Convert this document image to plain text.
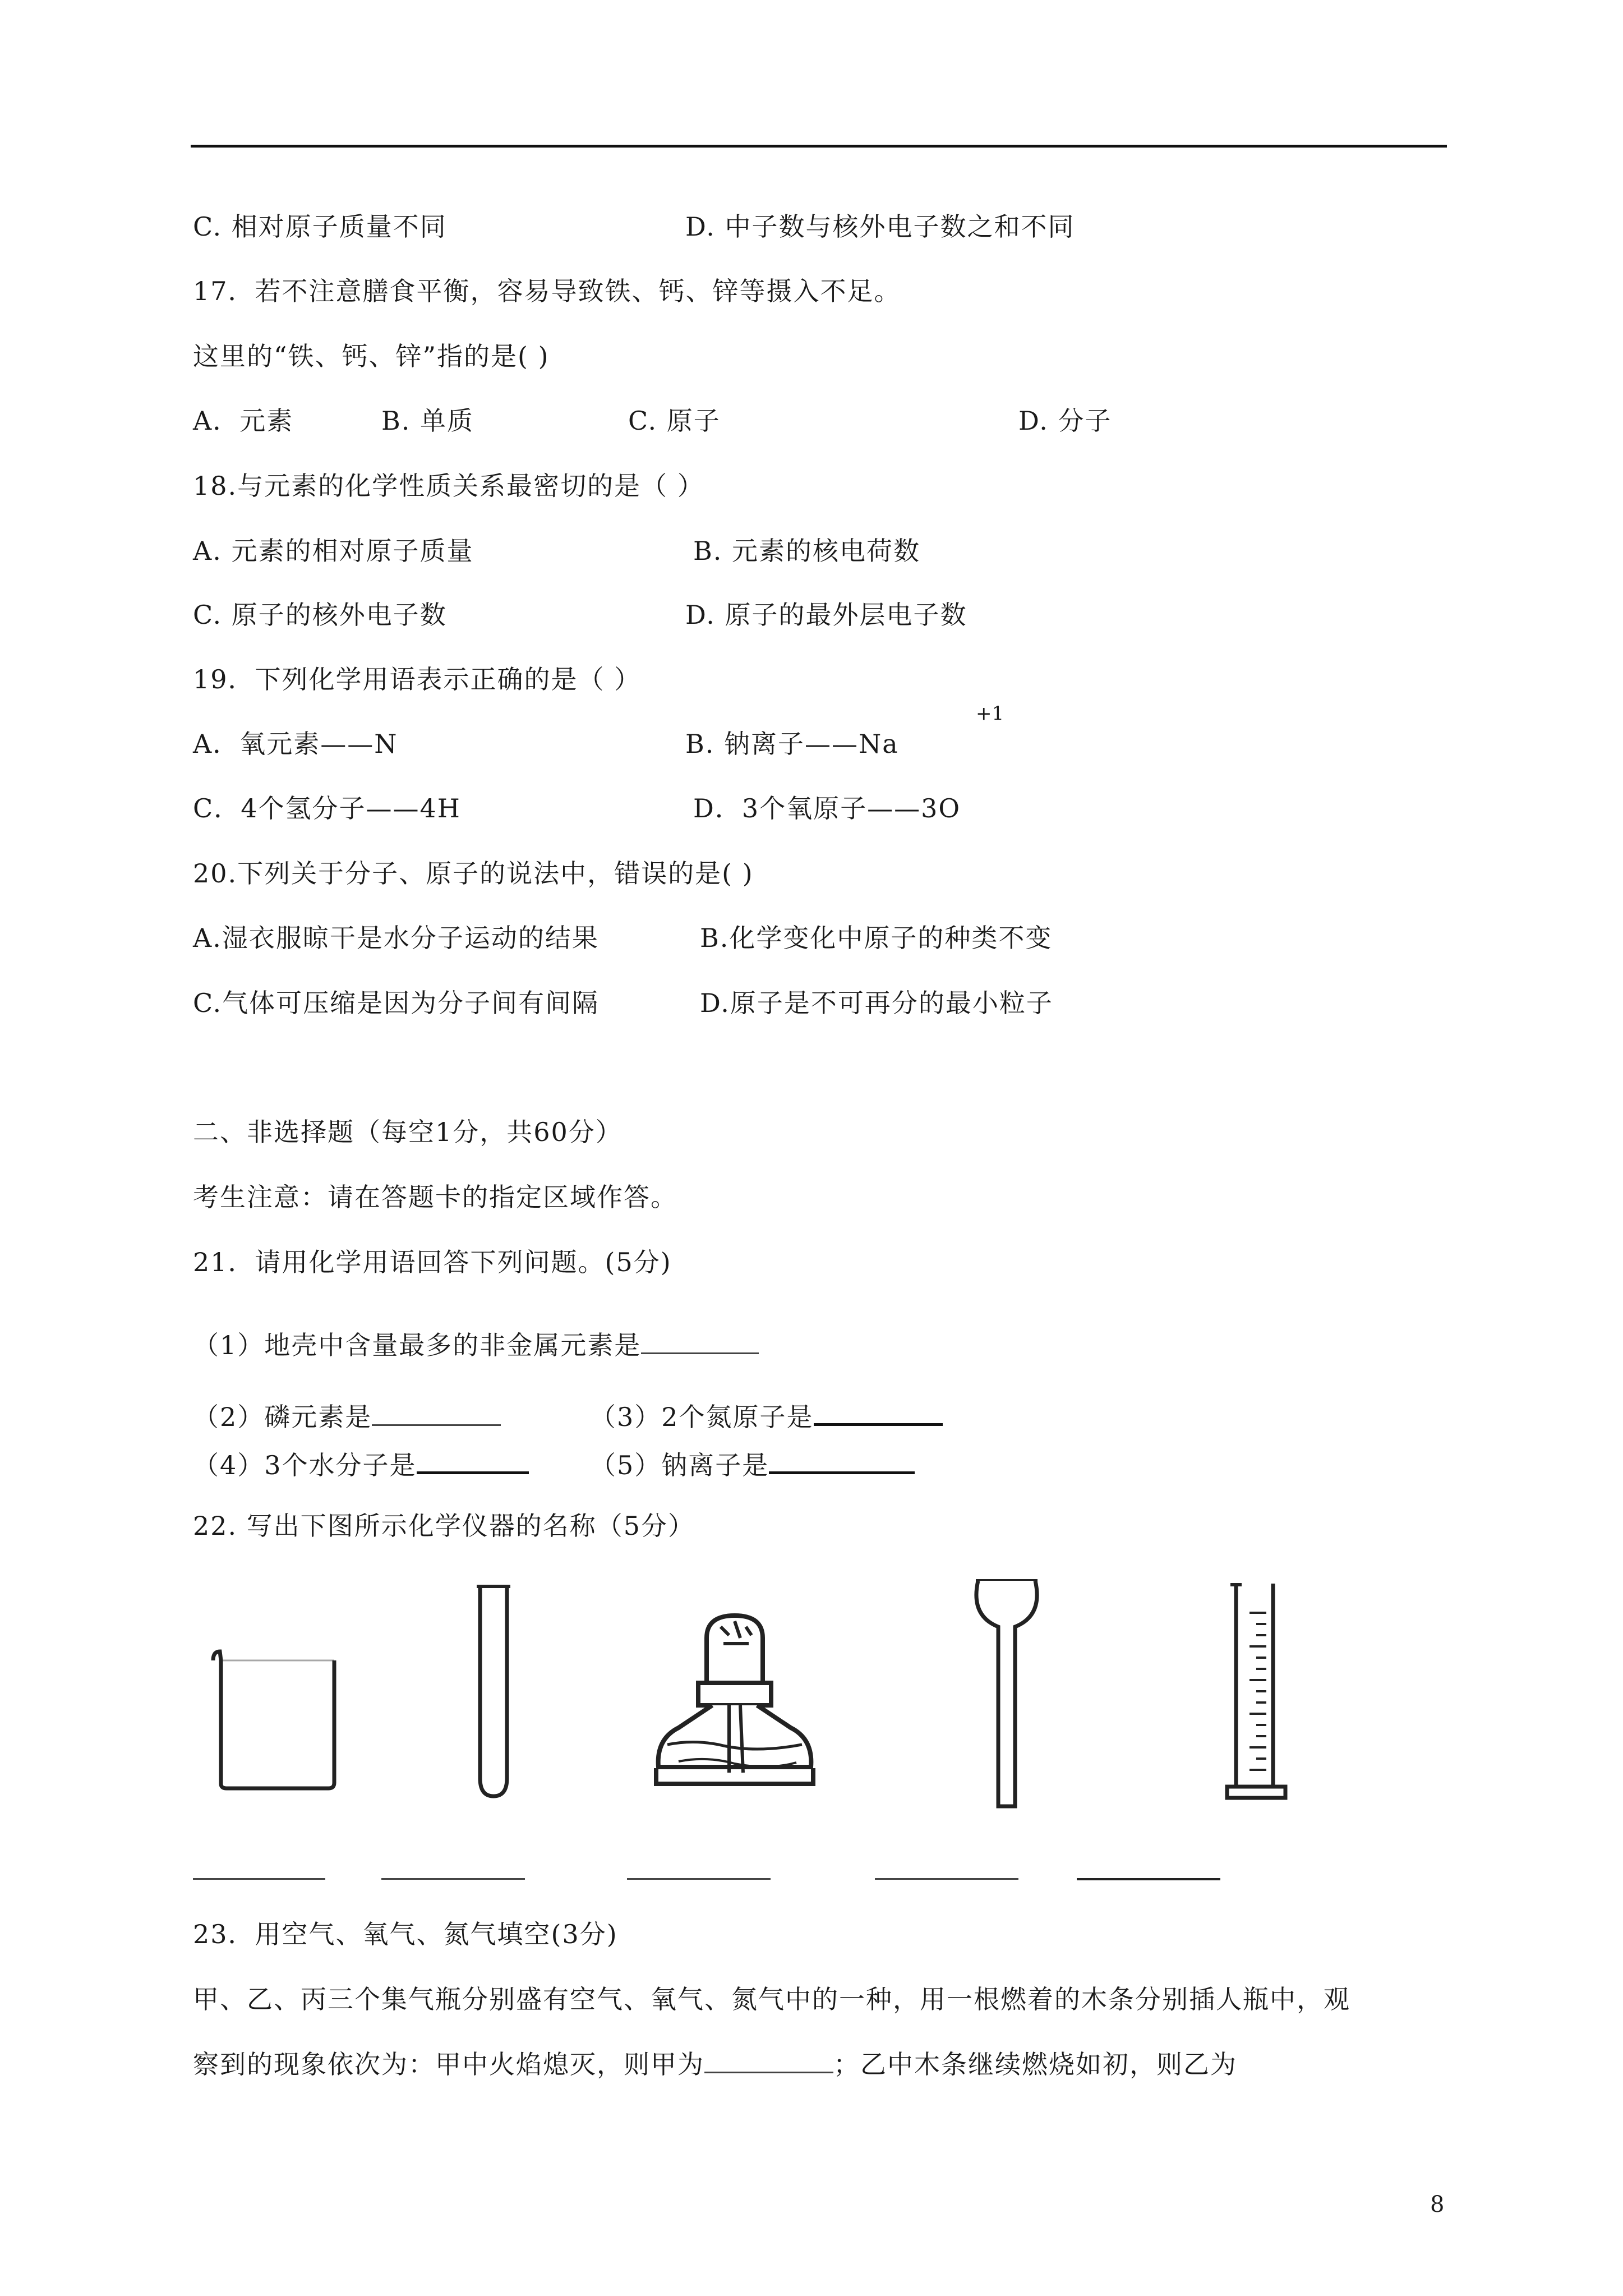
C. 相对原子质量不同	D. 中子数与核外电子数之和不同
17．若不注意膳食平衡，容易导致铁、钙、锌等摄入不足。
这里的“铁、钙、锌”指的是( )
A．元素	B. 单质	C. 原子	D. 分子
18.与元素的化学性质关系最密切的是（ ）
A. 元素的相对原子质量	B. 元素的核电荷数
C. 原子的核外电子数	D. 原子的最外层电子数
19．下列化学用语表示正确的是（ ）
A．氧元素——N	B. 钠离子——Na
+1
C．4个氢分子——4H	D．3个氧原子——3O
20.下列关于分子、原子的说法中，错误的是( )
A.湿衣服晾干是水分子运动的结果	B.化学变化中原子的种类不变
C.气体可压缩是因为分子间有间隔	D.原子是不可再分的最小粒子
二、非选择题（每空1分，共60分）
考生注意：请在答题卡的指定区域作答。
21．请用化学用语回答下列问题。(5分)
（1）地壳中含量最多的非金属元素是
（2）磷元素是	（3）2个氮原子是
（4）3个水分子是	（5）钠离子是
22. 写出下图所示化学仪器的名称（5分）
23．用空气、氧气、氮气填空(3分)
甲、乙、丙三个集气瓶分别盛有空气、氧气、氮气中的一种，用一根燃着的木条分别插人瓶中，观
察到的现象依次为：甲中火焰熄灭，则甲为	；乙中木条继续燃烧如初，则乙为
8
